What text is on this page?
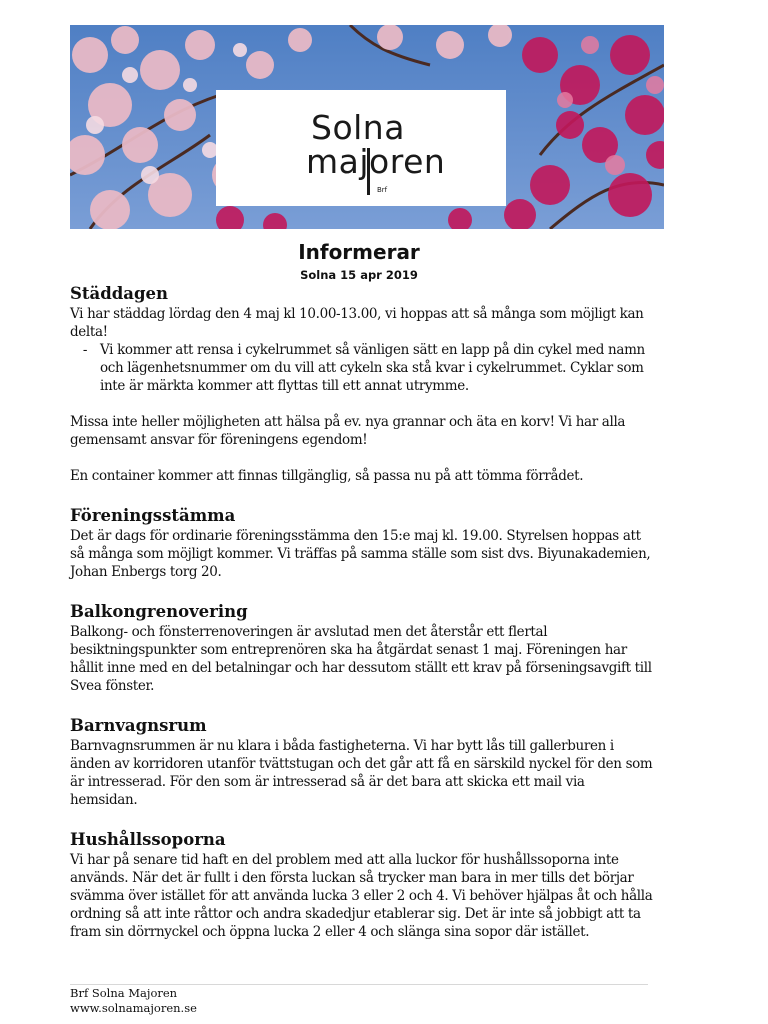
Solna
majoren
Brf
Informerar
Solna 15 apr 2019
Städdagen

Vi har städdag lördag den 4 maj kl 10.00-13.00, vi hoppas att så många som möjligt kan delta!

- Vi kommer att rensa i cykelrummet så vänligen sätt en lapp på din cykel med namn och lägenhetsnummer om du vill att cykeln ska stå kvar i cykelrummet. Cyklar som inte är märkta kommer att flyttas till ett annat utrymme.

Missa inte heller möjligheten att hälsa på ev. nya grannar och äta en korv! Vi har alla gemensamt ansvar för föreningens egendom!

En container kommer att finnas tillgänglig, så passa nu på att tömma förrådet.

Föreningsstämma

Det är dags för ordinarie föreningsstämma den 15:e maj kl. 19.00. Styrelsen hoppas att så många som möjligt kommer. Vi träffas på samma ställe som sist dvs. Biyunakademien, Johan Enbergs torg 20.

Balkongrenovering

Balkong- och fönsterrenoveringen är avslutad men det återstår ett flertal besiktningspunkter som entreprenören ska ha åtgärdat senast 1 maj. Föreningen har hållit inne med en del betalningar och har dessutom ställt ett krav på förseningsavgift till Svea fönster.

Barnvagnsrum

Barnvagnsrummen är nu klara i båda fastigheterna. Vi har bytt lås till gallerburen i änden av korridoren utanför tvättstugan och det går att få en särskild nyckel för den som är intresserad. För den som är intresserad så är det bara att skicka ett mail via hemsidan.

Hushållssoporna

Vi har på senare tid haft en del problem med att alla luckor för hushållssoporna inte används. När det är fullt i den första luckan så trycker man bara in mer tills det börjar svämma över istället för att använda lucka 3 eller 2 och 4. Vi behöver hjälpas åt och hålla ordning så att inte råttor och andra skadedjur etablerar sig. Det är inte så jobbigt att ta fram sin dörrnyckel och öppna lucka 2 eller 4 och slänga sina sopor där istället.

Brf Solna Majoren
www.solnamajoren.se
